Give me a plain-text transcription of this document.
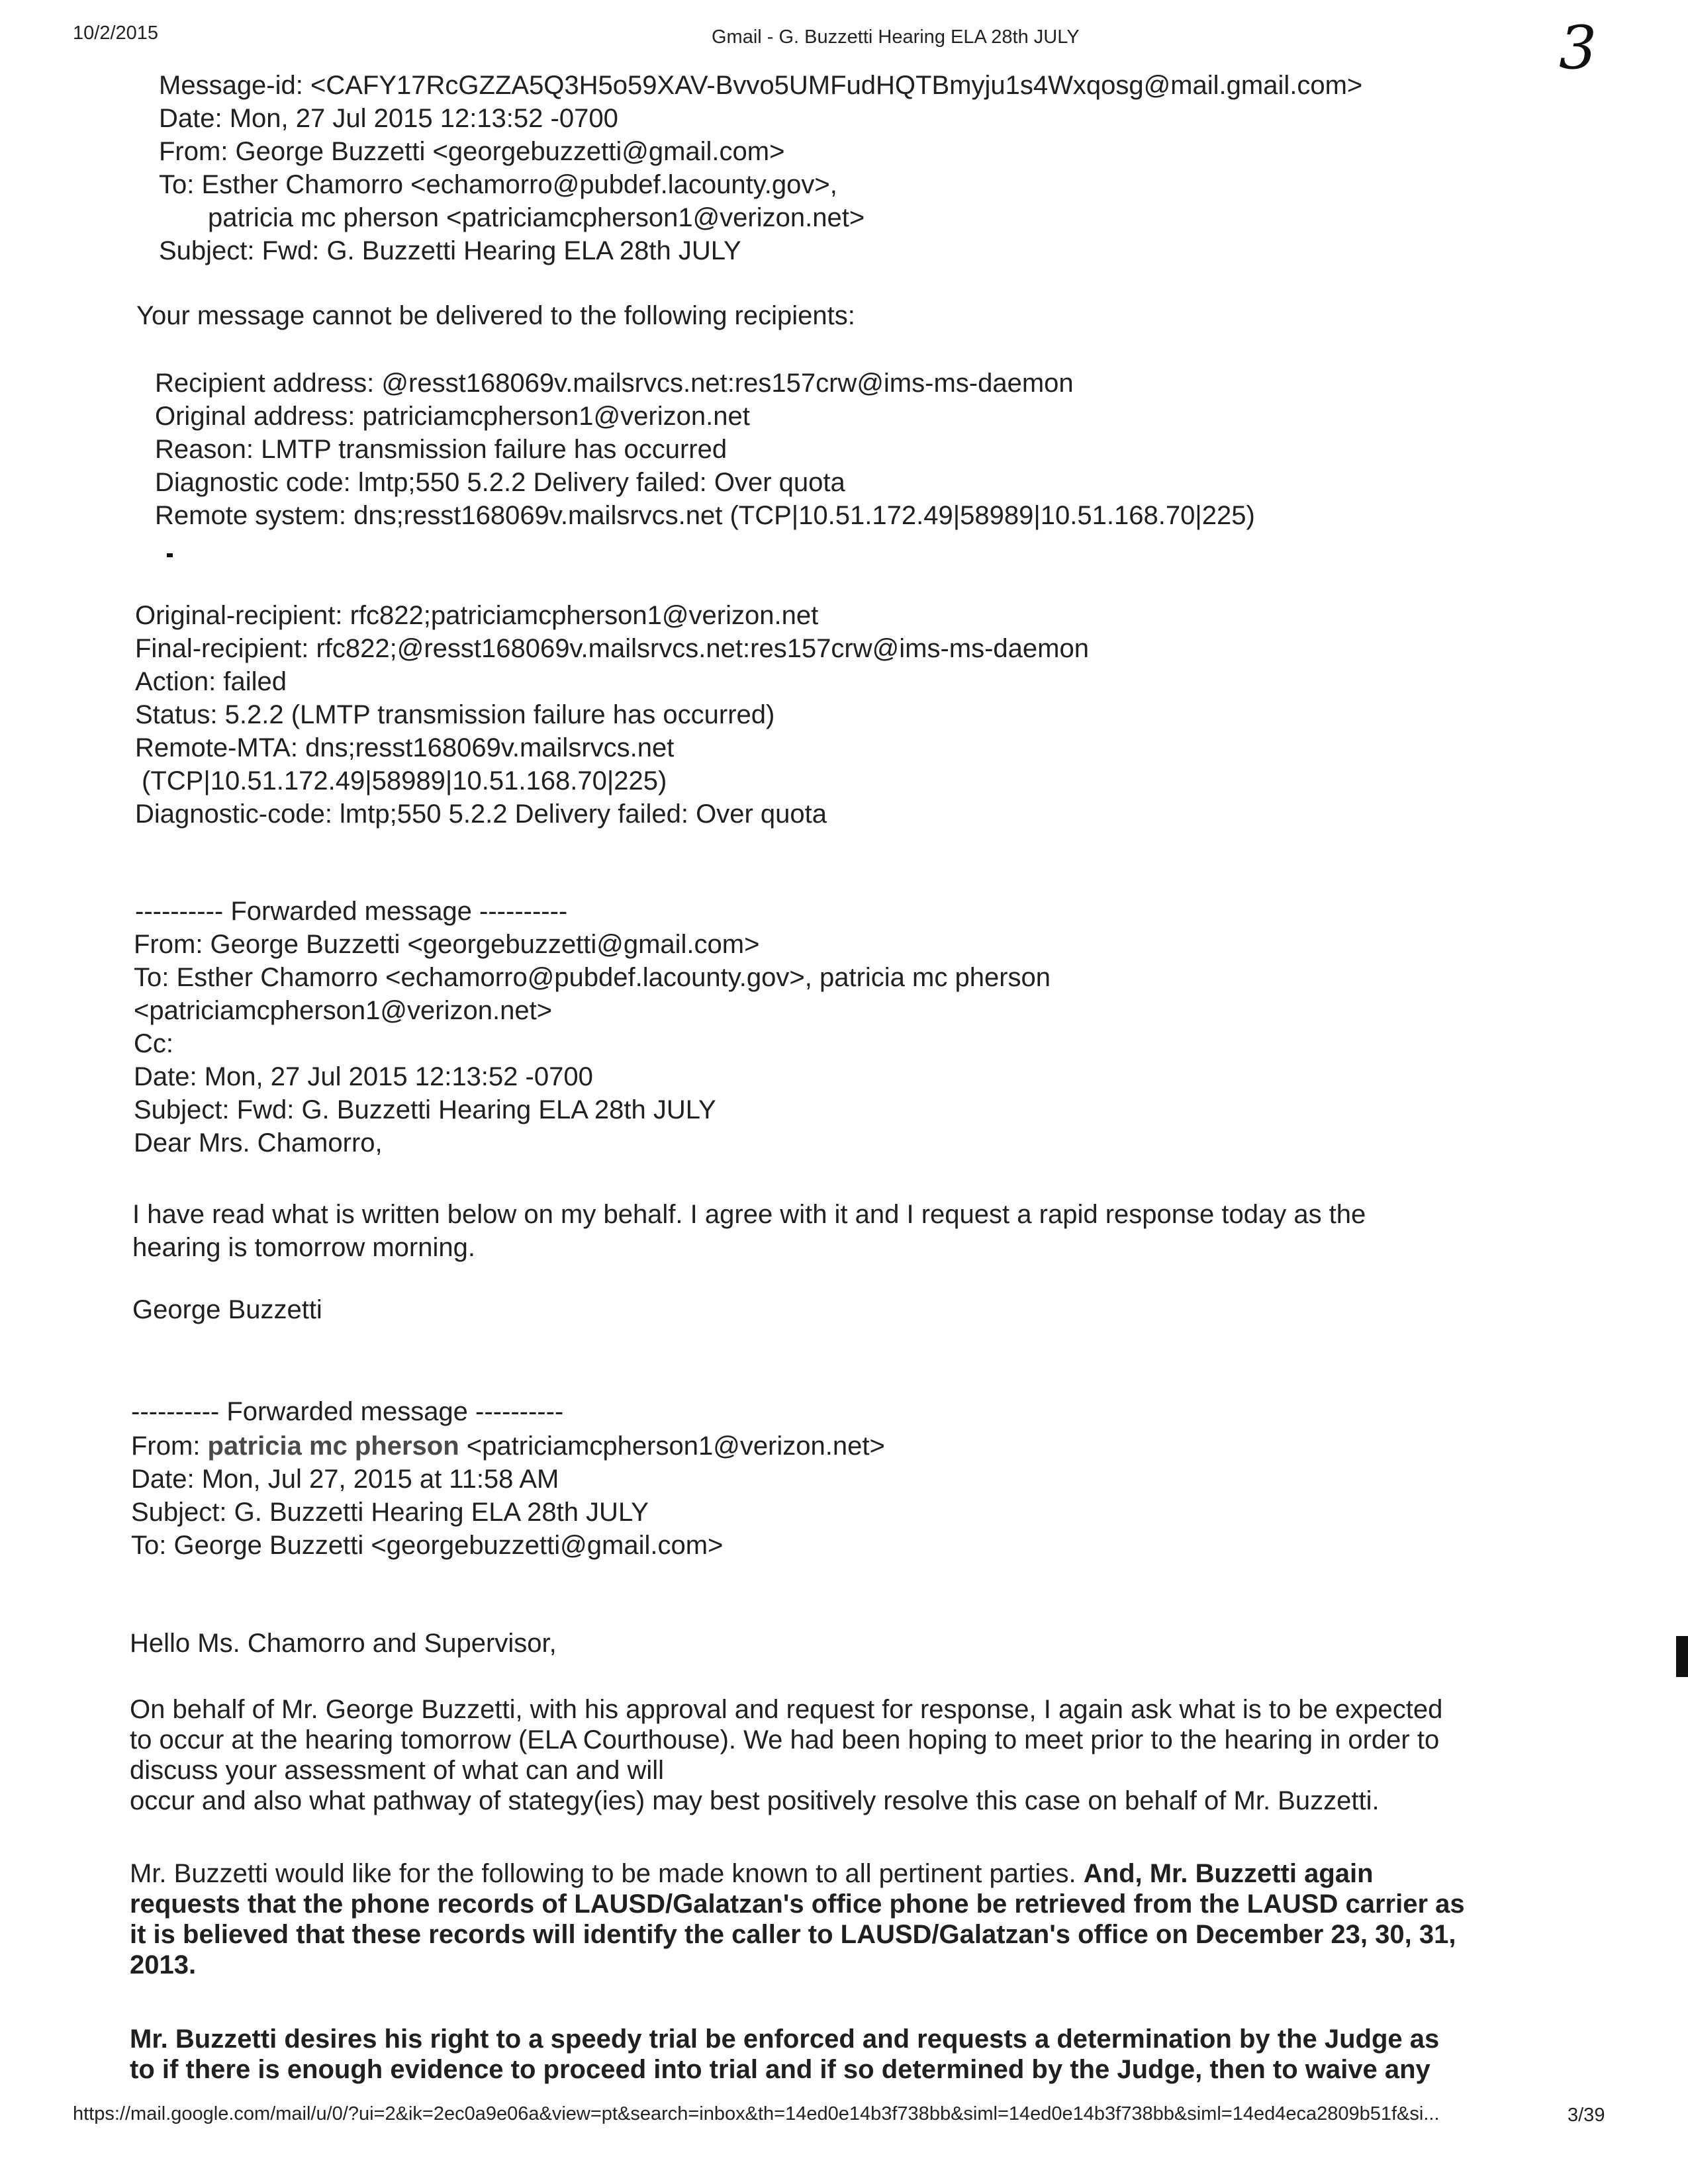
10/2/2015	Gmail - G. Buzzetti Hearing ELA 28th JULY	3
Message-id: <CAFY17RcGZZA5Q3H5o59XAV-Bvvo5UMFudHQTBmyju1s4Wxqosg@mail.gmail.com>
Date: Mon, 27 Jul 2015 12:13:52 -0700
From: George Buzzetti <georgebuzzetti@gmail.com>
To: Esther Chamorro <echamorro@pubdef.lacounty.gov>,
patricia mc pherson <patriciamcpherson1@verizon.net>
Subject: Fwd: G. Buzzetti Hearing ELA 28th JULY
Your message cannot be delivered to the following recipients:
Recipient address: @resst168069v.mailsrvcs.net:res157crw@ims-ms-daemon
Original address: patriciamcpherson1@verizon.net
Reason: LMTP transmission failure has occurred
Diagnostic code: lmtp;550 5.2.2 Delivery failed: Over quota
Remote system: dns;resst168069v.mailsrvcs.net (TCP|10.51.172.49|58989|10.51.168.70|225)
Original-recipient: rfc822;patriciamcpherson1@verizon.net
Final-recipient: rfc822;@resst168069v.mailsrvcs.net:res157crw@ims-ms-daemon
Action: failed
Status: 5.2.2 (LMTP transmission failure has occurred)
Remote-MTA: dns;resst168069v.mailsrvcs.net
(TCP|10.51.172.49|58989|10.51.168.70|225)
Diagnostic-code: lmtp;550 5.2.2 Delivery failed: Over quota
---------- Forwarded message ----------
From: George Buzzetti <georgebuzzetti@gmail.com>
To: Esther Chamorro <echamorro@pubdef.lacounty.gov>, patricia mc pherson
<patriciamcpherson1@verizon.net>
Cc:
Date: Mon, 27 Jul 2015 12:13:52 -0700
Subject: Fwd: G. Buzzetti Hearing ELA 28th JULY
Dear Mrs. Chamorro,
I have read what is written below on my behalf. I agree with it and I request a rapid response today as the
hearing is tomorrow morning.
George Buzzetti
---------- Forwarded message ----------
From: patricia mc pherson <patriciamcpherson1@verizon.net>
Date: Mon, Jul 27, 2015 at 11:58 AM
Subject: G. Buzzetti Hearing ELA 28th JULY
To: George Buzzetti <georgebuzzetti@gmail.com>
Hello Ms. Chamorro and Supervisor,
On behalf of Mr. George Buzzetti, with his approval and request for response, I again ask what is to be expected
to occur at the hearing tomorrow (ELA Courthouse). We had been hoping to meet prior to the hearing in order to
discuss your assessment of what can and will
occur and also what pathway of stategy(ies) may best positively resolve this case on behalf of Mr. Buzzetti.
Mr. Buzzetti would like for the following to be made known to all pertinent parties. And, Mr. Buzzetti again
requests that the phone records of LAUSD/Galatzan's office phone be retrieved from the LAUSD carrier as
it is believed that these records will identify the caller to LAUSD/Galatzan's office on December 23, 30, 31,
2013.
Mr. Buzzetti desires his right to a speedy trial be enforced and requests a determination by the Judge as
to if there is enough evidence to proceed into trial and if so determined by the Judge, then to waive any
https://mail.google.com/mail/u/0/?ui=2&ik=2ec0a9e06a&view=pt&search=inbox&th=14ed0e14b3f738bb&siml=14ed0e14b3f738bb&siml=14ed4eca2809b51f&si...	3/39
